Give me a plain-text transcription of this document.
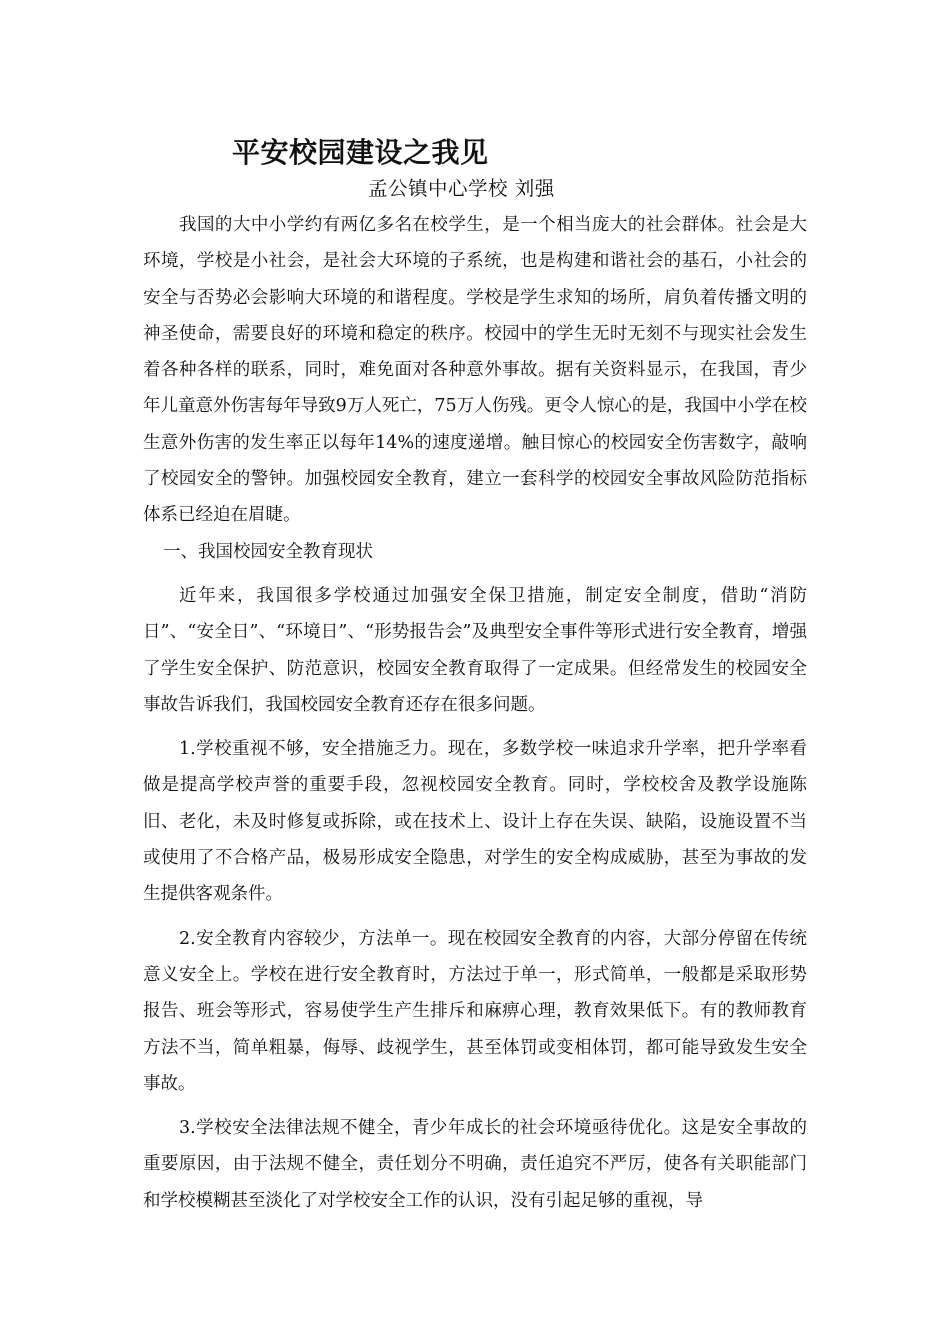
平安校园建设之我见

孟公镇中心学校 刘强

我国的大中小学约有两亿多名在校学生，是一个相当庞大的社会群体。社会是大环境，学校是小社会，是社会大环境的子系统，也是构建和谐社会的基石，小社会的安全与否势必会影响大环境的和谐程度。学校是学生求知的场所，肩负着传播文明的神圣使命，需要良好的环境和稳定的秩序。校园中的学生无时无刻不与现实社会发生着各种各样的联系，同时，难免面对各种意外事故。据有关资料显示，在我国，青少年儿童意外伤害每年导致9万人死亡，75万人伤残。更令人惊心的是，我国中小学在校生意外伤害的发生率正以每年14%的速度递增。触目惊心的校园安全伤害数字，敲响了校园安全的警钟。加强校园安全教育，建立一套科学的校园安全事故风险防范指标体系已经迫在眉睫。

一、我国校园安全教育现状

近年来，我国很多学校通过加强安全保卫措施，制定安全制度，借助“消防日”、“安全日”、“环境日”、“形势报告会”及典型安全事件等形式进行安全教育，增强了学生安全保护、防范意识，校园安全教育取得了一定成果。但经常发生的校园安全事故告诉我们，我国校园安全教育还存在很多问题。

1.学校重视不够，安全措施乏力。现在，多数学校一味追求升学率，把升学率看做是提高学校声誉的重要手段，忽视校园安全教育。同时，学校校舍及教学设施陈旧、老化，未及时修复或拆除，或在技术上、设计上存在失误、缺陷，设施设置不当或使用了不合格产品，极易形成安全隐患，对学生的安全构成威胁，甚至为事故的发生提供客观条件。

2.安全教育内容较少，方法单一。现在校园安全教育的内容，大部分停留在传统意义安全上。学校在进行安全教育时，方法过于单一，形式简单，一般都是采取形势报告、班会等形式，容易使学生产生排斥和麻痹心理，教育效果低下。有的教师教育方法不当，简单粗暴，侮辱、歧视学生，甚至体罚或变相体罚，都可能导致发生安全事故。

3.学校安全法律法规不健全，青少年成长的社会环境亟待优化。这是安全事故的重要原因，由于法规不健全，责任划分不明确，责任追究不严厉，使各有关职能部门和学校模糊甚至淡化了对学校安全工作的认识，没有引起足够的重视，导
